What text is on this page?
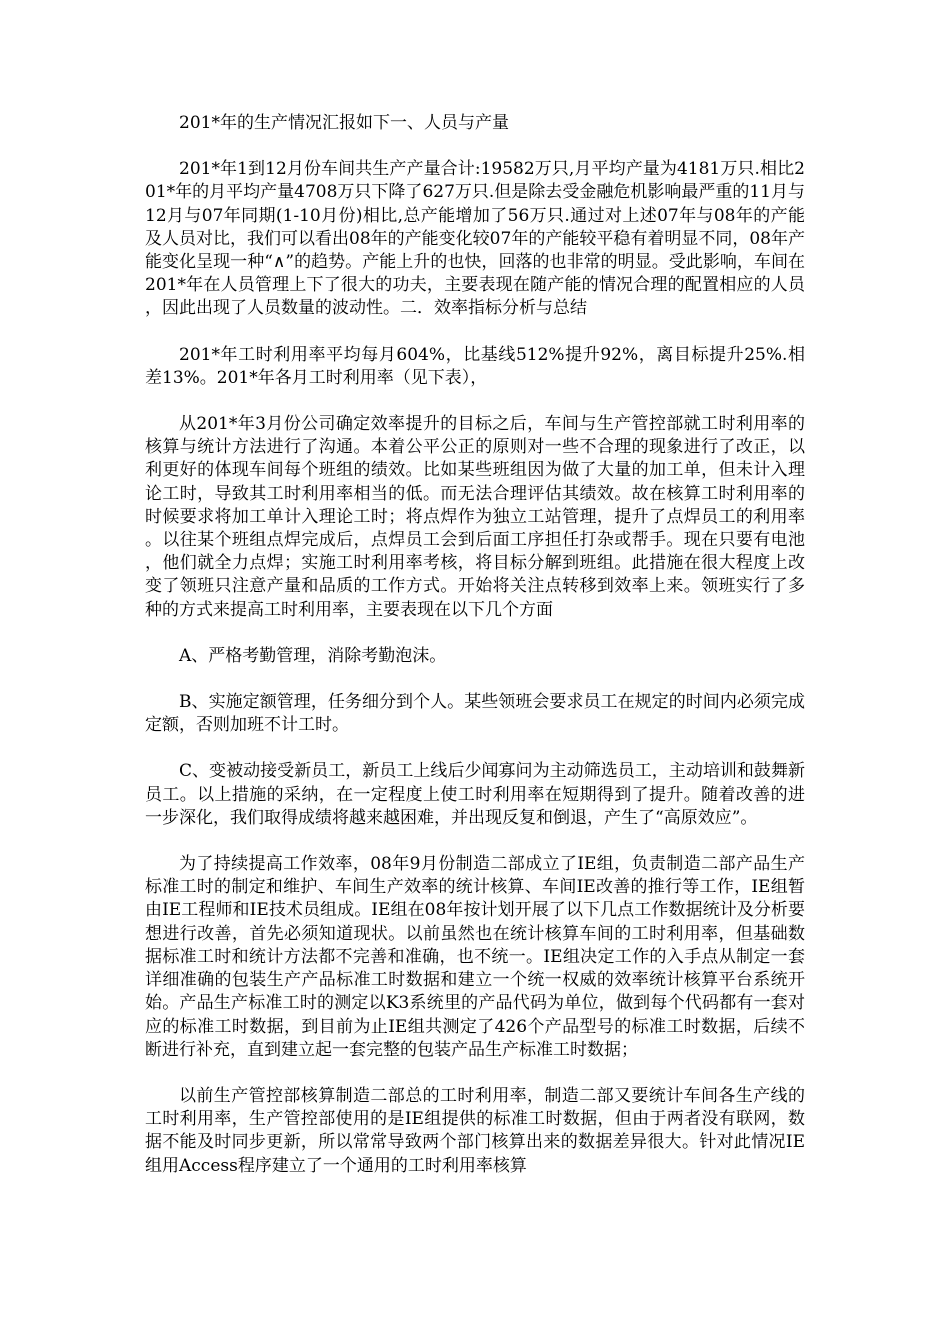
201*年的生产情况汇报如下一、人员与产量

201*年1到12月份车间共生产产量合计:19582万只,月平均产量为4181万只.相比201*年的月平均产量4708万只下降了627万只.但是除去受金融危机影响最严重的11月与12月与07年同期(1-10月份)相比,总产能增加了56万只.通过对上述07年与08年的产能及人员对比，我们可以看出08年的产能变化较07年的产能较平稳有着明显不同，08年产能变化呈现一种“∧”的趋势。产能上升的也快，回落的也非常的明显。受此影响，车间在201*年在人员管理上下了很大的功夫，主要表现在随产能的情况合理的配置相应的人员，因此出现了人员数量的波动性。二．效率指标分析与总结

201*年工时利用率平均每月604%，比基线512%提升92%，离目标提升25%.相差13%。201*年各月工时利用率（见下表），

从201*年3月份公司确定效率提升的目标之后，车间与生产管控部就工时利用率的核算与统计方法进行了沟通。本着公平公正的原则对一些不合理的现象进行了改正，以利更好的体现车间每个班组的绩效。比如某些班组因为做了大量的加工单，但未计入理论工时，导致其工时利用率相当的低。而无法合理评估其绩效。故在核算工时利用率的时候要求将加工单计入理论工时；将点焊作为独立工站管理，提升了点焊员工的利用率。以往某个班组点焊完成后，点焊员工会到后面工序担任打杂或帮手。现在只要有电池，他们就全力点焊；实施工时利用率考核，将目标分解到班组。此措施在很大程度上改变了领班只注意产量和品质的工作方式。开始将关注点转移到效率上来。领班实行了多种的方式来提高工时利用率，主要表现在以下几个方面

A、严格考勤管理，消除考勤泡沫。

B、实施定额管理，任务细分到个人。某些领班会要求员工在规定的时间内必须完成定额，否则加班不计工时。

C、变被动接受新员工，新员工上线后少闻寡问为主动筛选员工，主动培训和鼓舞新员工。以上措施的采纳，在一定程度上使工时利用率在短期得到了提升。随着改善的进一步深化，我们取得成绩将越来越困难，并出现反复和倒退，产生了“高原效应”。

为了持续提高工作效率，08年9月份制造二部成立了IE组，负责制造二部产品生产标准工时的制定和维护、车间生产效率的统计核算、车间IE改善的推行等工作，IE组暂由IE工程师和IE技术员组成。IE组在08年按计划开展了以下几点工作数据统计及分析要想进行改善，首先必须知道现状。以前虽然也在统计核算车间的工时利用率，但基础数据标准工时和统计方法都不完善和准确，也不统一。IE组决定工作的入手点从制定一套详细准确的包装生产产品标准工时数据和建立一个统一权威的效率统计核算平台系统开始。产品生产标准工时的测定以K3系统里的产品代码为单位，做到每个代码都有一套对应的标准工时数据，到目前为止IE组共测定了426个产品型号的标准工时数据，后续不断进行补充，直到建立起一套完整的包装产品生产标准工时数据；

以前生产管控部核算制造二部总的工时利用率，制造二部又要统计车间各生产线的工时利用率，生产管控部使用的是IE组提供的标准工时数据，但由于两者没有联网，数据不能及时同步更新，所以常常导致两个部门核算出来的数据差异很大。针对此情况IE组用Access程序建立了一个通用的工时利用率核算
